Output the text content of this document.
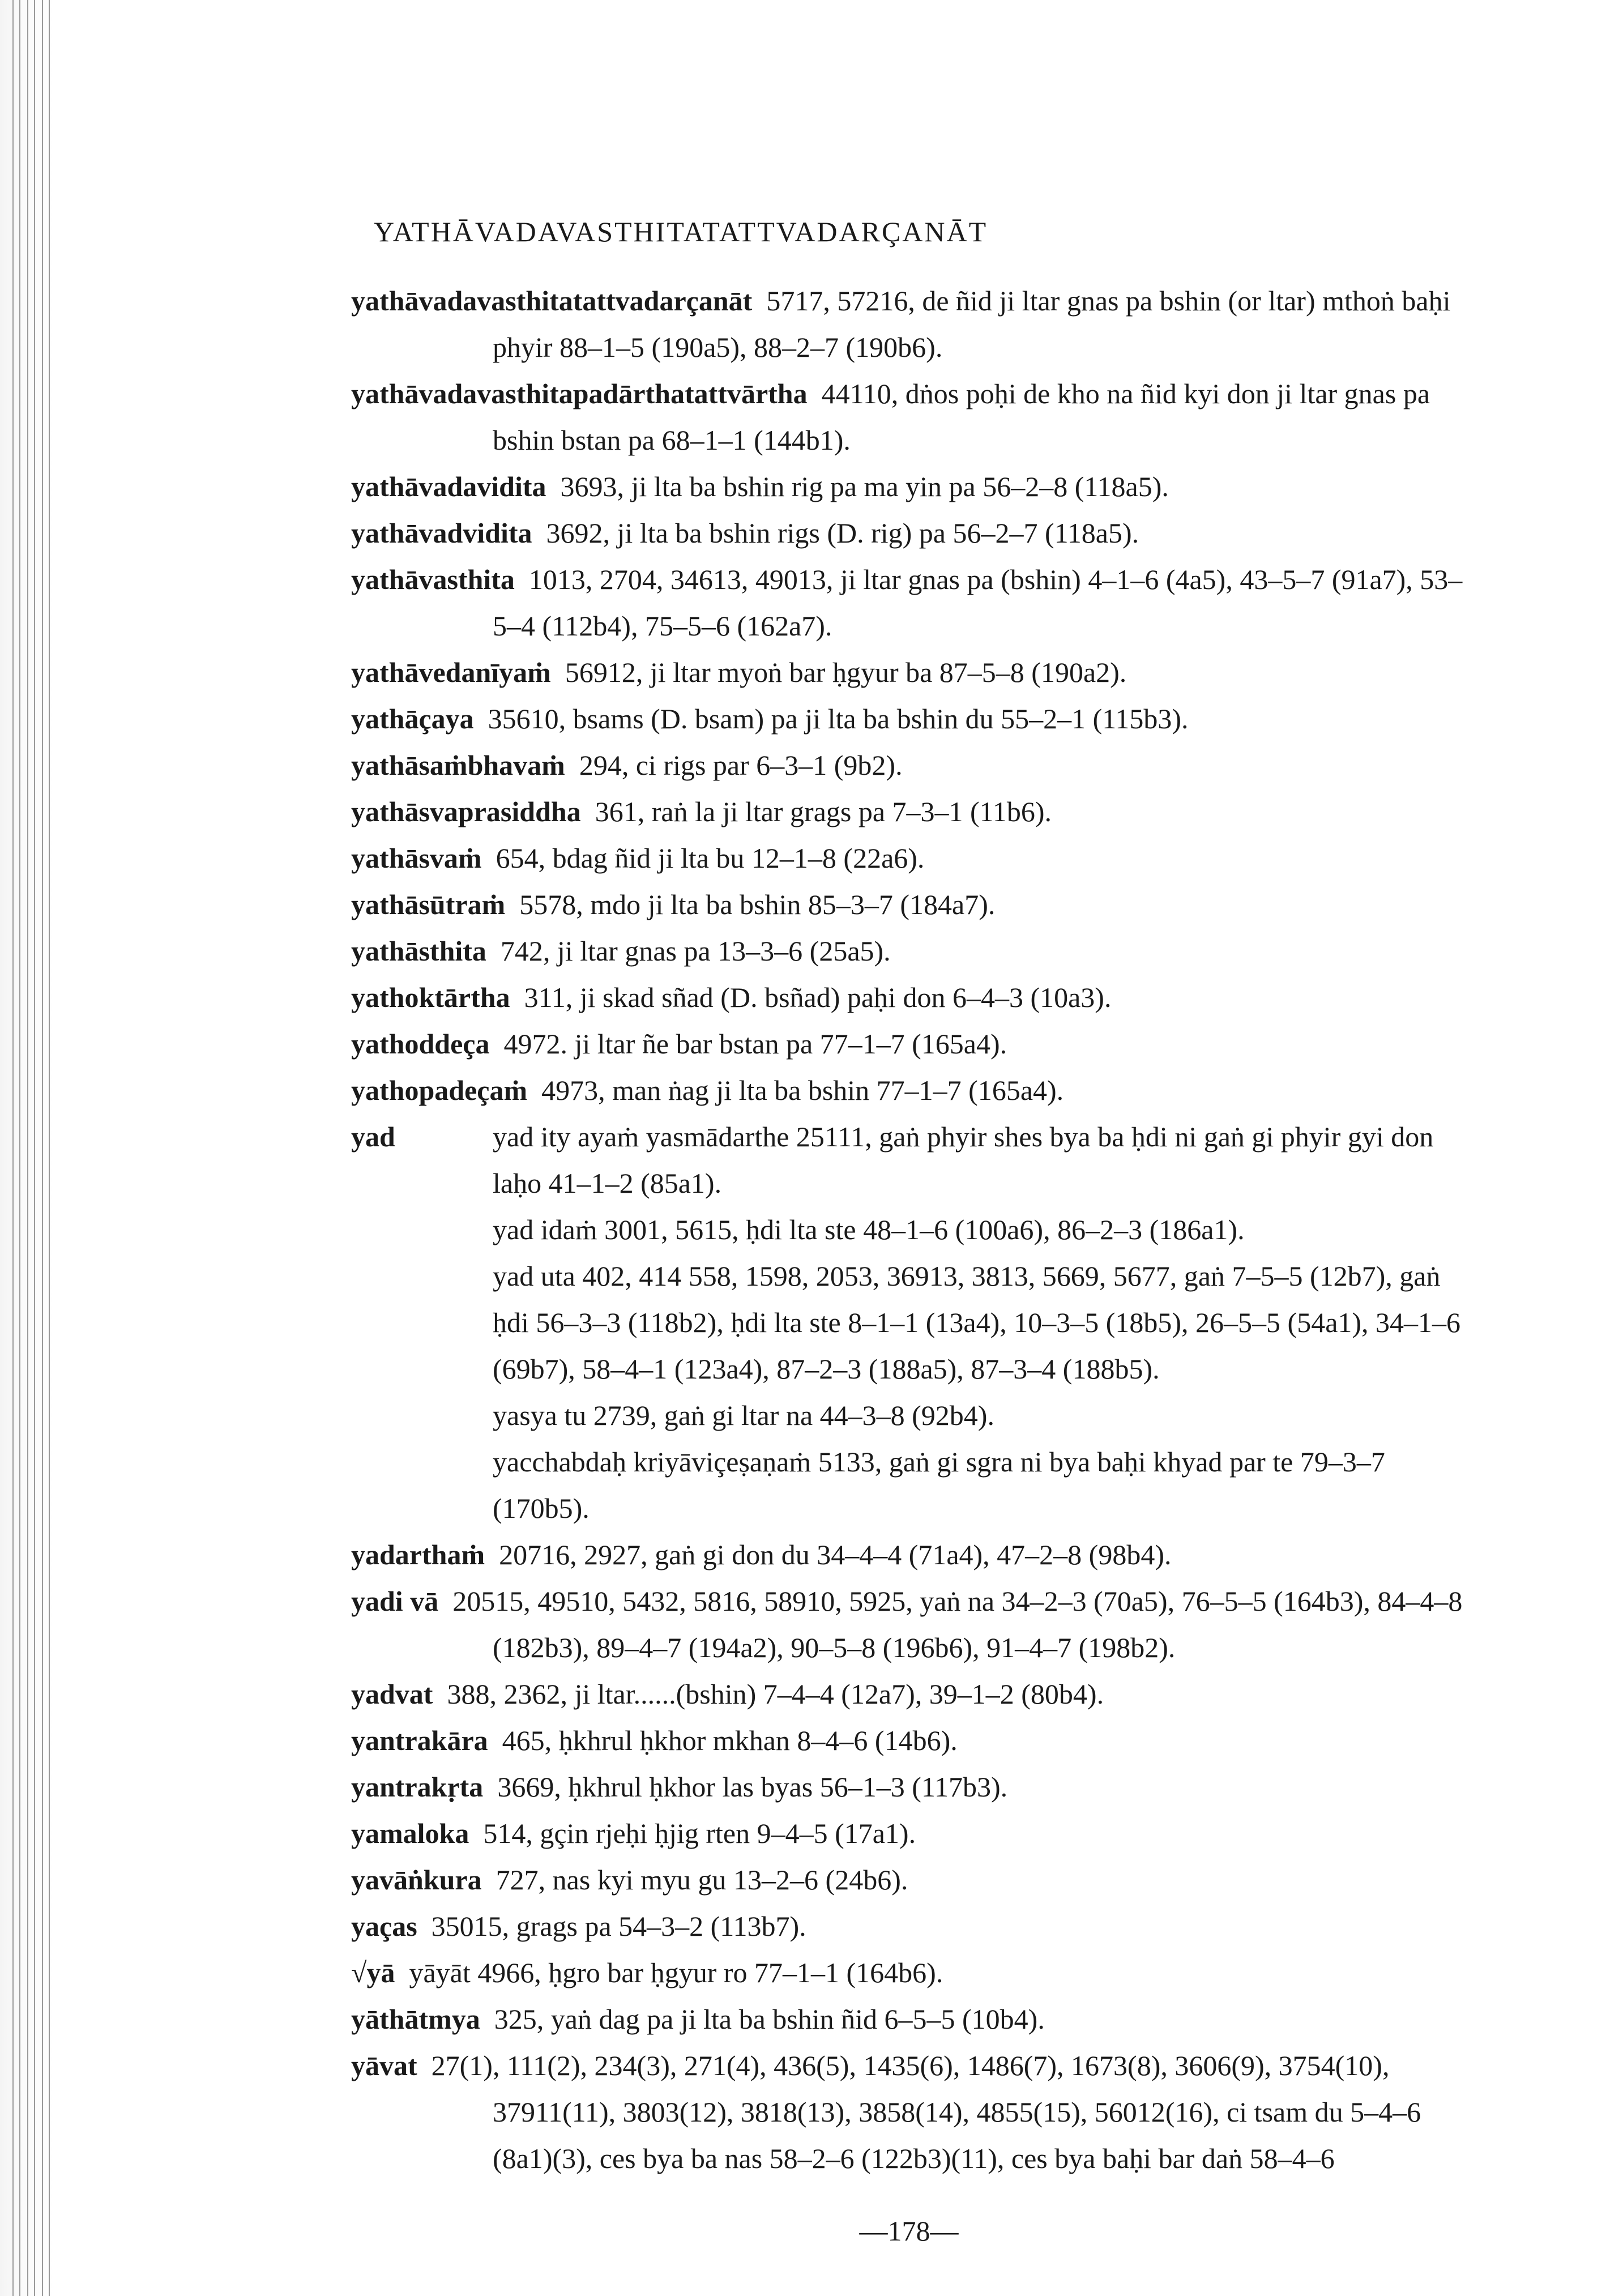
YATHĀVADAVASTHITATATTVADARÇANĀT
yathāvadavasthitatattvadarçanāt 5717, 57216, de ñid ji ltar gnas pa bshin (or ltar) mthoṅ baḥi phyir 88–1–5 (190a5), 88–2–7 (190b6).
yathāvadavasthitapadārthatattvārtha 44110, dṅos poḥi de kho na ñid kyi don ji ltar gnas pa bshin bstan pa 68–1–1 (144b1).
yathāvadavidita 3693, ji lta ba bshin rig pa ma yin pa 56–2–8 (118a5).
yathāvadvidita 3692, ji lta ba bshin rigs (D. rig) pa 56–2–7 (118a5).
yathāvasthita 1013, 2704, 34613, 49013, ji ltar gnas pa (bshin) 4–1–6 (4a5), 43–5–7 (91a7), 53–5–4 (112b4), 75–5–6 (162a7).
yathāvedanīyaṁ 56912, ji ltar myoṅ bar ḥgyur ba 87–5–8 (190a2).
yathāçaya 35610, bsams (D. bsam) pa ji lta ba bshin du 55–2–1 (115b3).
yathāsaṁbhavaṁ 294, ci rigs par 6–3–1 (9b2).
yathāsvaprasiddha 361, raṅ la ji ltar grags pa 7–3–1 (11b6).
yathāsvaṁ 654, bdag ñid ji lta bu 12–1–8 (22a6).
yathāsūtraṁ 5578, mdo ji lta ba bshin 85–3–7 (184a7).
yathāsthita 742, ji ltar gnas pa 13–3–6 (25a5).
yathoktārtha 311, ji skad sñad (D. bsñad) paḥi don 6–4–3 (10a3).
yathoddeça 4972. ji ltar ñe bar bstan pa 77–1–7 (165a4).
yathopadeçaṁ 4973, man ṅag ji lta ba bshin 77–1–7 (165a4).
yad	yad ity ayaṁ yasmādarthe 25111, gaṅ phyir shes bya ba ḥdi ni gaṅ gi phyir gyi don laḥo 41–1–2 (85a1).
yad idaṁ 3001, 5615, ḥdi lta ste 48–1–6 (100a6), 86–2–3 (186a1).
yad uta 402, 414 558, 1598, 2053, 36913, 3813, 5669, 5677, gaṅ 7–5–5 (12b7), gaṅ ḥdi 56–3–3 (118b2), ḥdi lta ste 8–1–1 (13a4), 10–3–5 (18b5), 26–5–5 (54a1), 34–1–6 (69b7), 58–4–1 (123a4), 87–2–3 (188a5), 87–3–4 (188b5).
yasya tu 2739, gaṅ gi ltar na 44–3–8 (92b4).
yacchabdaḥ kriyāviçeṣaṇaṁ 5133, gaṅ gi sgra ni bya baḥi khyad par te 79–3–7 (170b5).
yadarthaṁ 20716, 2927, gaṅ gi don du 34–4–4 (71a4), 47–2–8 (98b4).
yadi vā 20515, 49510, 5432, 5816, 58910, 5925, yaṅ na 34–2–3 (70a5), 76–5–5 (164b3), 84–4–8 (182b3), 89–4–7 (194a2), 90–5–8 (196b6), 91–4–7 (198b2).
yadvat 388, 2362, ji ltar......(bshin) 7–4–4 (12a7), 39–1–2 (80b4).
yantrakāra 465, ḥkhrul ḥkhor mkhan 8–4–6 (14b6).
yantrakṛta 3669, ḥkhrul ḥkhor las byas 56–1–3 (117b3).
yamaloka 514, gçin rjeḥi ḥjig rten 9–4–5 (17a1).
yavāṅkura 727, nas kyi myu gu 13–2–6 (24b6).
yaças 35015, grags pa 54–3–2 (113b7).
√yā yāyāt 4966, ḥgro bar ḥgyur ro 77–1–1 (164b6).
yāthātmya 325, yaṅ dag pa ji lta ba bshin ñid 6–5–5 (10b4).
yāvat 27(1), 111(2), 234(3), 271(4), 436(5), 1435(6), 1486(7), 1673(8), 3606(9), 3754(10), 37911(11), 3803(12), 3818(13), 3858(14), 4855(15), 56012(16), ci tsam du 5–4–6 (8a1)(3), ces bya ba nas 58–2–6 (122b3)(11), ces bya baḥi bar daṅ 58–4–6
—178—
